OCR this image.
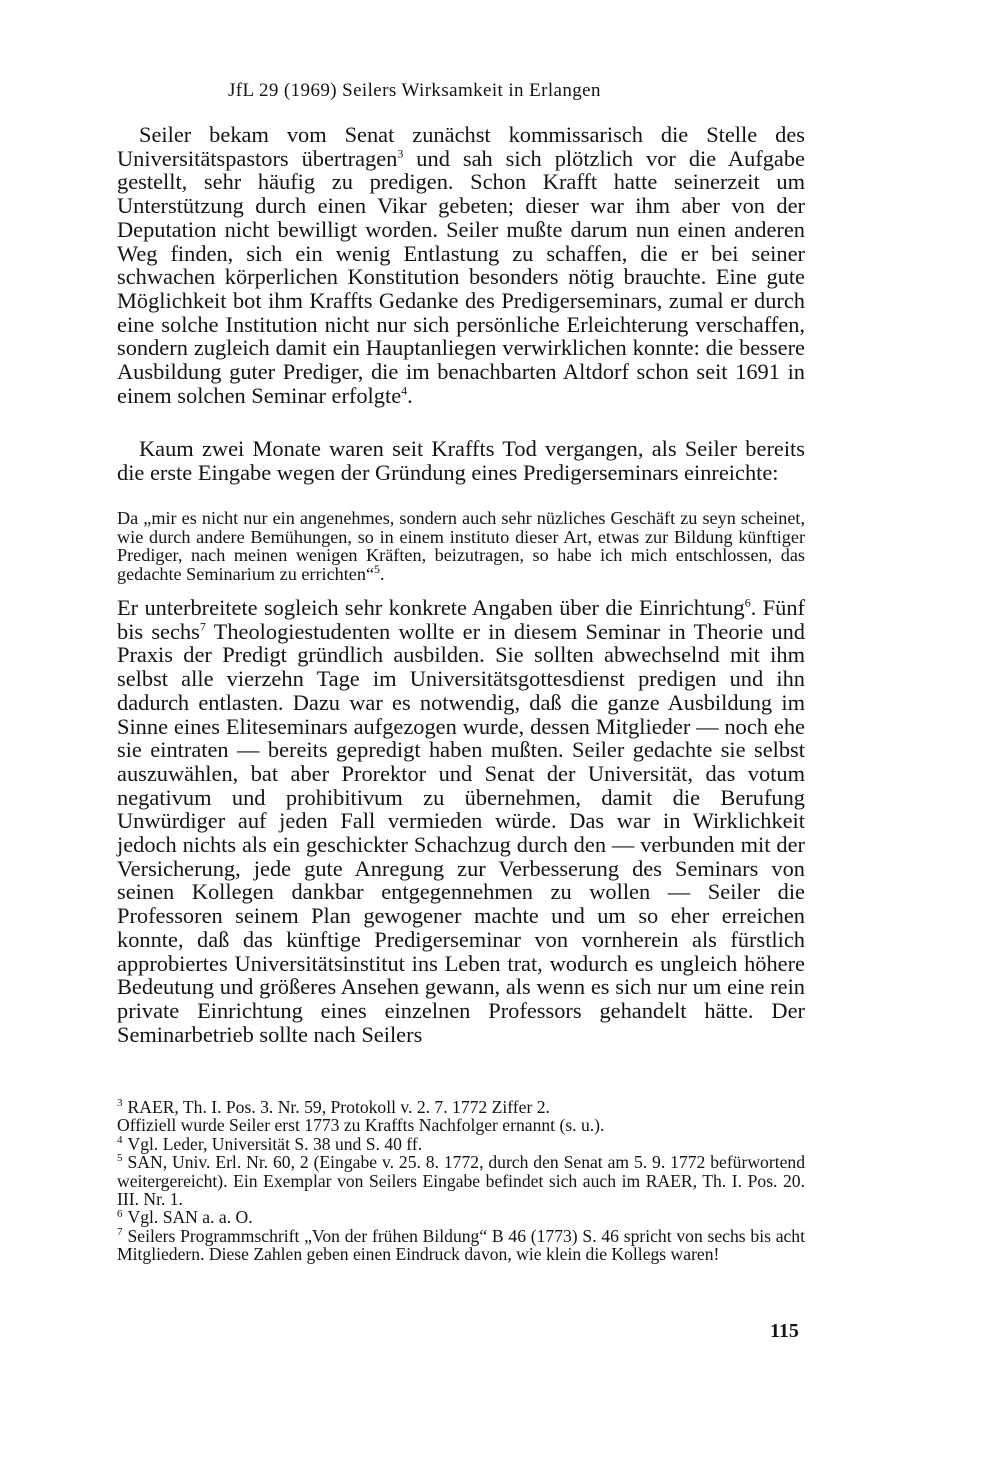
JfL 29 (1969) Seilers Wirksamkeit in Erlangen
Seiler bekam vom Senat zunächst kommissarisch die Stelle des Universitätspastors übertragen$^3$ und sah sich plötzlich vor die Aufgabe gestellt, sehr häufig zu predigen. Schon Krafft hatte seinerzeit um Unterstützung durch einen Vikar gebeten; dieser war ihm aber von der Deputation nicht bewilligt worden. Seiler mußte darum nun einen anderen Weg finden, sich ein wenig Entlastung zu schaffen, die er bei seiner schwachen körperlichen Konstitution besonders nötig brauchte. Eine gute Möglichkeit bot ihm Kraffts Gedanke des Predigerseminars, zumal er durch eine solche Institution nicht nur sich persönliche Erleichterung verschaffen, sondern zugleich damit ein Hauptanliegen verwirklichen konnte: die bessere Ausbildung guter Prediger, die im benachbarten Altdorf schon seit 1691 in einem solchen Seminar erfolgte$^4$.
Kaum zwei Monate waren seit Kraffts Tod vergangen, als Seiler bereits die erste Eingabe wegen der Gründung eines Predigerseminars einreichte:
Da „mir es nicht nur ein angenehmes, sondern auch sehr nüzliches Geschäft zu seyn scheinet, wie durch andere Bemühungen, so in einem instituto dieser Art, etwas zur Bildung künftiger Prediger, nach meinen wenigen Kräften, beizutragen, so habe ich mich entschlossen, das gedachte Seminarium zu errichten“$^5$.
Er unterbreitete sogleich sehr konkrete Angaben über die Einrichtung$^6$. Fünf bis sechs$^7$ Theologiestudenten wollte er in diesem Seminar in Theorie und Praxis der Predigt gründlich ausbilden. Sie sollten abwechselnd mit ihm selbst alle vierzehn Tage im Universitätsgottesdienst predigen und ihn dadurch entlasten. Dazu war es notwendig, daß die ganze Ausbildung im Sinne eines Eliteseminars aufgezogen wurde, dessen Mitglieder — noch ehe sie eintraten — bereits gepredigt haben mußten. Seiler gedachte sie selbst auszuwählen, bat aber Prorektor und Senat der Universität, das votum negativum und prohibitivum zu übernehmen, damit die Berufung Unwürdiger auf jeden Fall vermieden würde. Das war in Wirklichkeit jedoch nichts als ein geschickter Schachzug durch den — verbunden mit der Versicherung, jede gute Anregung zur Verbesserung des Seminars von seinen Kollegen dankbar entgegennehmen zu wollen — Seiler die Professoren seinem Plan gewogener machte und um so eher erreichen konnte, daß das künftige Predigerseminar von vornherein als fürstlich approbiertes Universitätsinstitut ins Leben trat, wodurch es ungleich höhere Bedeutung und größeres Ansehen gewann, als wenn es sich nur um eine rein private Einrichtung eines einzelnen Professors gehandelt hätte. Der Seminarbetrieb sollte nach Seilers

$^3$ RAER, Th. I. Pos. 3. Nr. 59, Protokoll v. 2. 7. 1772 Ziffer 2.

Offiziell wurde Seiler erst 1773 zu Kraffts Nachfolger ernannt (s. u.).

$^4$ Vgl. Leder, Universität S. 38 und S. 40 ff.

$^5$ SAN, Univ. Erl. Nr. 60, 2 (Eingabe v. 25. 8. 1772, durch den Senat am 5. 9. 1772 befürwortend weitergereicht). Ein Exemplar von Seilers Eingabe befindet sich auch im RAER, Th. I. Pos. 20. III. Nr. 1.

$^6$ Vgl. SAN a. a. O.

$^7$ Seilers Programmschrift „Von der frühen Bildung“ B 46 (1773) S. 46 spricht von sechs bis acht Mitgliedern. Diese Zahlen geben einen Eindruck davon, wie klein die Kollegs waren!

115
